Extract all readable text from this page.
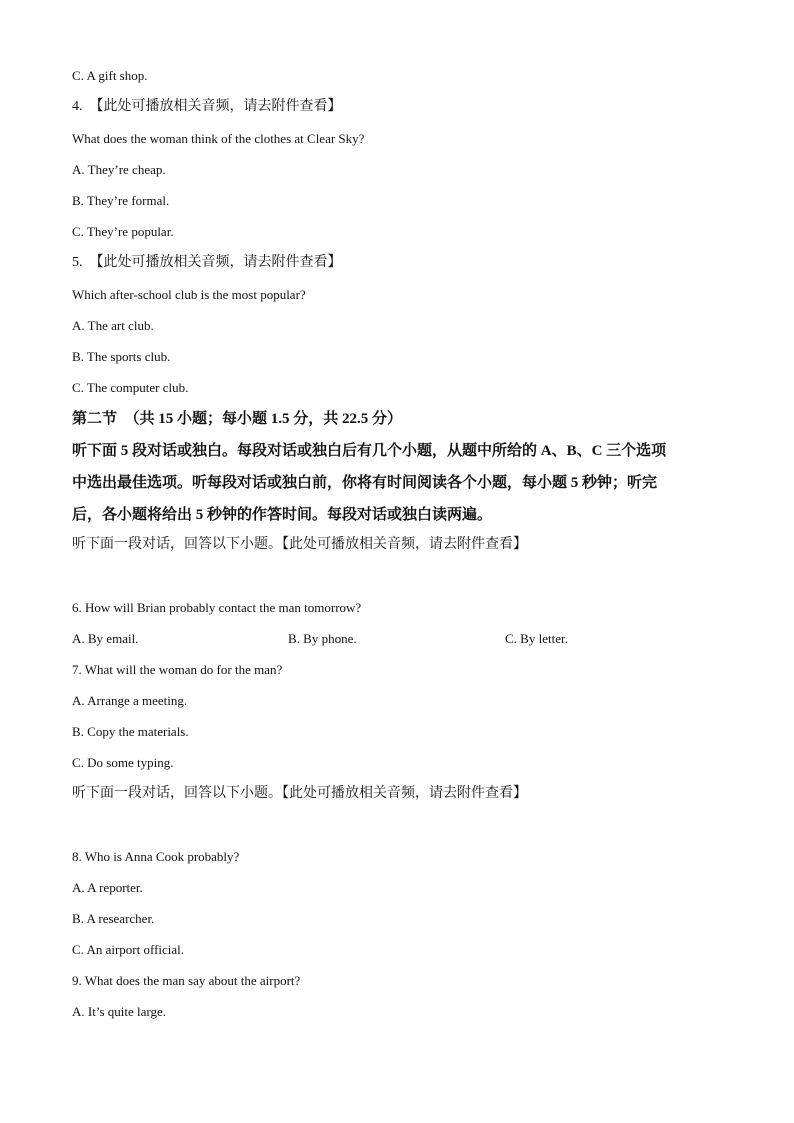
C. A gift shop.
4.　【此处可播放相关音频，请去附件查看】
What does the woman think of the clothes at Clear Sky?
A. They’re cheap.
B. They’re formal.
C. They’re popular.
5.　【此处可播放相关音频，请去附件查看】
Which after-school club is the most popular?
A. The art club.
B. The sports club.
C. The computer club.
第二节　（共 15 小题；每小题 1.5 分，共 22.5 分）
听下面 5 段对话或独白。每段对话或独白后有几个小题，从题中所给的 A、B、C 三个选项
中选出最佳选项。听每段对话或独白前，你将有时间阅读各个小题，每小题 5 秒钟；听完
后，各小题将给出 5 秒钟的作答时间。每段对话或独白读两遍。
听下面一段对话，回答以下小题。【此处可播放相关音频，请去附件查看】
6. How will Brian probably contact the man tomorrow?
A. By email.	B. By phone.	C. By letter.
7. What will the woman do for the man?
A. Arrange a meeting.
B. Copy the materials.
C. Do some typing.
听下面一段对话，回答以下小题。【此处可播放相关音频，请去附件查看】
8. Who is Anna Cook probably?
A. A reporter.
B. A researcher.
C. An airport official.
9. What does the man say about the airport?
A. It’s quite large.
